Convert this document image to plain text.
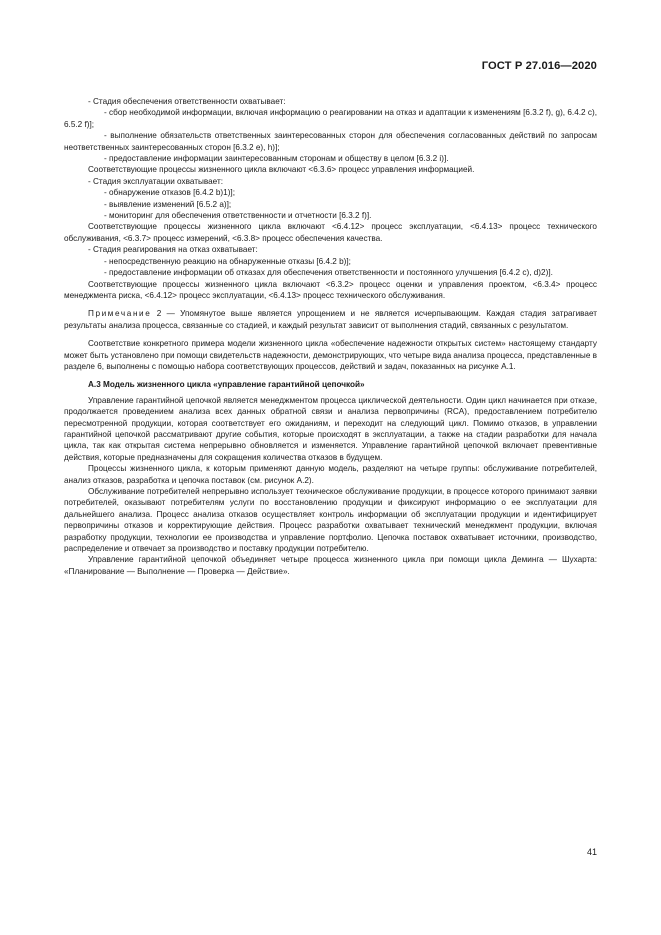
ГОСТ Р 27.016—2020

- Стадия обеспечения ответственности охватывает:

- сбор необходимой информации, включая информацию о реагировании на отказ и адаптации к изменениям [6.3.2 f), g), 6.4.2 c), 6.5.2 f)];

- выполнение обязательств ответственных заинтересованных сторон для обеспечения согласованных действий по запросам неответственных заинтересованных сторон [6.3.2 e), h)];

- предоставление информации заинтересованным сторонам и обществу в целом [6.3.2 i)].

Соответствующие процессы жизненного цикла включают <6.3.6> процесс управления информацией.

- Стадия эксплуатации охватывает:

- обнаружение отказов [6.4.2 b)1)];

- выявление изменений [6.5.2 a)];

- мониторинг для обеспечения ответственности и отчетности [6.3.2 f)].

Соответствующие процессы жизненного цикла включают <6.4.12> процесс эксплуатации, <6.4.13> процесс технического обслуживания, <6.3.7> процесс измерений, <6.3.8> процесс обеспечения качества.

- Стадия реагирования на отказ охватывает:

- непосредственную реакцию на обнаруженные отказы [6.4.2 b)];

- предоставление информации об отказах для обеспечения ответственности и постоянного улучшения [6.4.2 c), d)2)].

Соответствующие процессы жизненного цикла включают <6.3.2> процесс оценки и управления проектом, <6.3.4> процесс менеджмента риска, <6.4.12> процесс эксплуатации, <6.4.13> процесс технического обслуживания.

Примечание 2 — Упомянутое выше является упрощением и не является исчерпывающим. Каждая стадия затрагивает результаты анализа процесса, связанные со стадией, и каждый результат зависит от выполнения стадий, связанных с результатом.

Соответствие конкретного примера модели жизненного цикла «обеспечение надежности открытых систем» настоящему стандарту может быть установлено при помощи свидетельств надежности, демонстрирующих, что четыре вида анализа процесса, представленные в разделе 6, выполнены с помощью набора соответствующих процессов, действий и задач, показанных на рисунке А.1.

А.3 Модель жизненного цикла «управление гарантийной цепочкой»

Управление гарантийной цепочкой является менеджментом процесса циклической деятельности. Один цикл начинается при отказе, продолжается проведением анализа всех данных обратной связи и анализа первопричины (RCA), предоставлением потребителю пересмотренной продукции, которая соответствует его ожиданиям, и переходит на следующий цикл. Помимо отказов, в управлении гарантийной цепочкой рассматривают другие события, которые происходят в эксплуатации, а также на стадии разработки для начала цикла, так как открытая система непрерывно обновляется и изменяется. Управление гарантийной цепочкой включает превентивные действия, которые предназначены для сокращения количества отказов в будущем.

Процессы жизненного цикла, к которым применяют данную модель, разделяют на четыре группы: обслуживание потребителей, анализ отказов, разработка и цепочка поставок (см. рисунок А.2).

Обслуживание потребителей непрерывно использует техническое обслуживание продукции, в процессе которого принимают заявки потребителей, оказывают потребителям услуги по восстановлению продукции и фиксируют информацию о ее эксплуатации для дальнейшего анализа. Процесс анализа отказов осуществляет контроль информации об эксплуатации продукции и идентифицирует первопричины отказов и корректирующие действия. Процесс разработки охватывает технический менеджмент продукции, включая разработку продукции, технологии ее производства и управление портфолио. Цепочка поставок охватывает источники, производство, распределение и отвечает за производство и поставку продукции потребителю.

Управление гарантийной цепочкой объединяет четыре процесса жизненного цикла при помощи цикла Деминга — Шухарта: «Планирование — Выполнение — Проверка — Действие».

41
